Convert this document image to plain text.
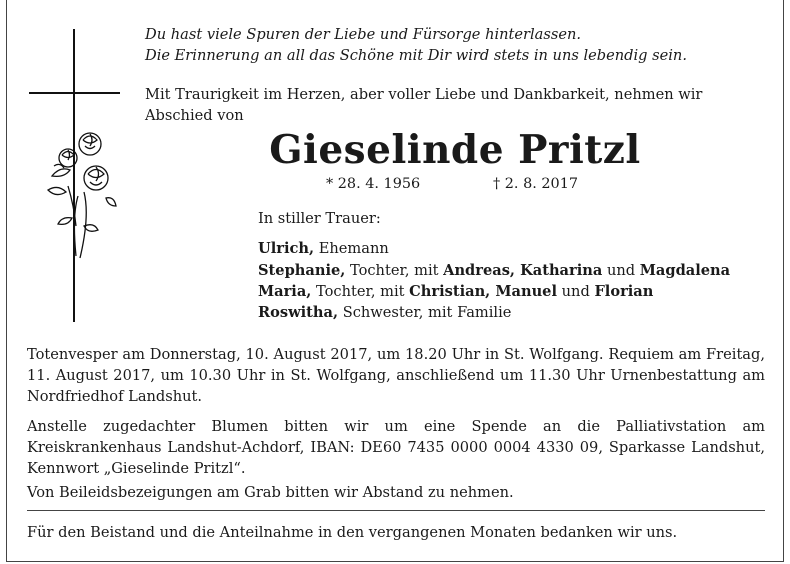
Du hast viele Spuren der Liebe und Fürsorge hinterlassen.
Die Erinnerung an all das Schöne mit Dir wird stets in uns lebendig sein.
Mit Traurigkeit im Herzen, aber voller Liebe und Dankbarkeit, nehmen wir Abschied von
Gieselinde Pritzl
* 28. 4. 1956	† 2. 8. 2017
In stiller Trauer:
Ulrich, Ehemann
Stephanie, Tochter, mit Andreas, Katharina und Magdalena
Maria, Tochter, mit Christian, Manuel und Florian
Roswitha, Schwester, mit Familie
Totenvesper am Donnerstag, 10. August 2017, um 18.20 Uhr in St. Wolfgang. Requiem am Freitag, 11. August 2017, um 10.30 Uhr in St. Wolfgang, anschließend um 11.30 Uhr Urnenbestattung am Nordfriedhof Landshut.
Anstelle zugedachter Blumen bitten wir um eine Spende an die Palliativstation am Kreiskrankenhaus Landshut-Achdorf, IBAN: DE60 7435 0000 0004 4330 09, Sparkasse Landshut, Kennwort „Gieselinde Pritzl“.
Von Beileidsbezeigungen am Grab bitten wir Abstand zu nehmen.
Für den Beistand und die Anteilnahme in den vergangenen Monaten bedanken wir uns.
